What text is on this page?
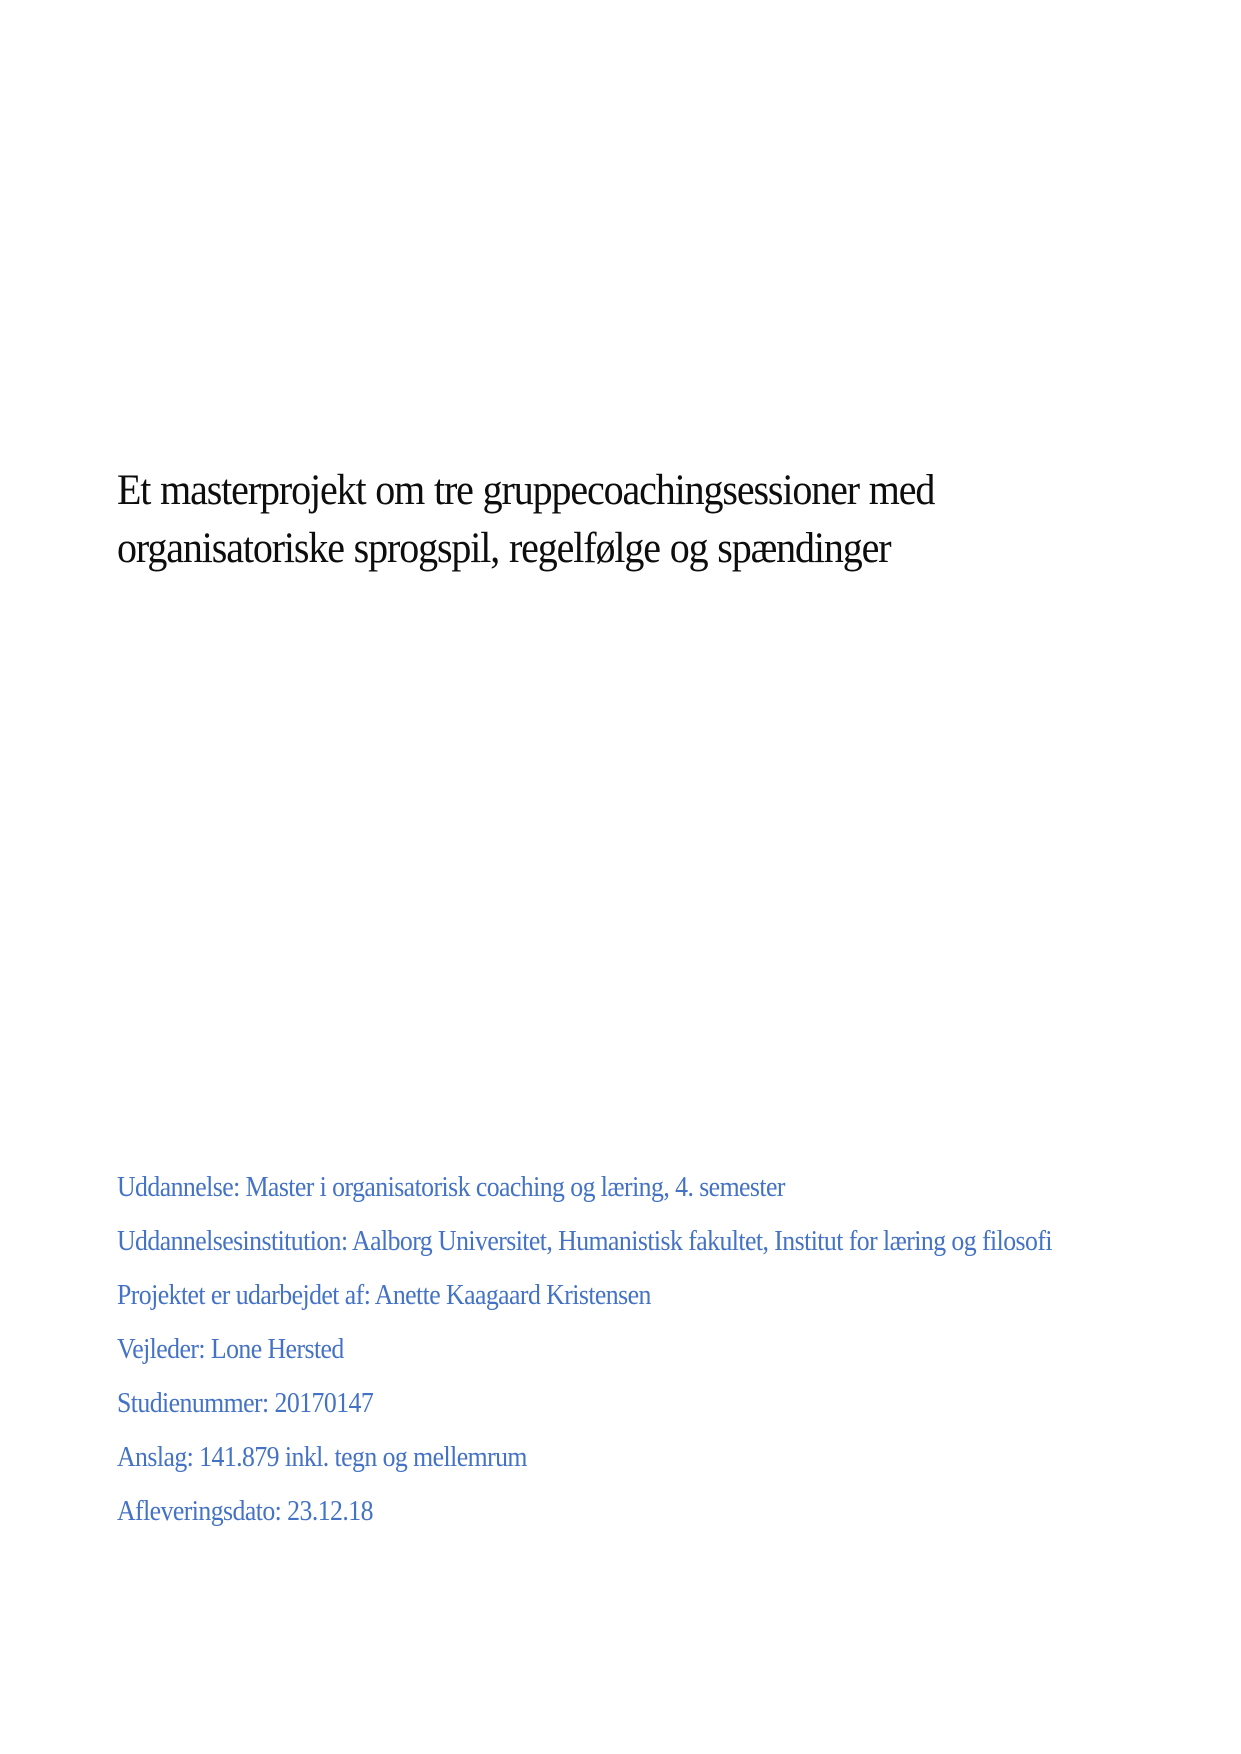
Et masterprojekt om tre gruppecoachingsessioner med
organisatoriske sprogspil, regelfølge og spændinger

Uddannelse: Master i organisatorisk coaching og læring, 4. semester

Uddannelsesinstitution: Aalborg Universitet, Humanistisk fakultet, Institut for læring og filosofi

Projektet er udarbejdet af: Anette Kaagaard Kristensen

Vejleder: Lone Hersted

Studienummer: 20170147

Anslag: 141.879 inkl. tegn og mellemrum

Afleveringsdato: 23.12.18
